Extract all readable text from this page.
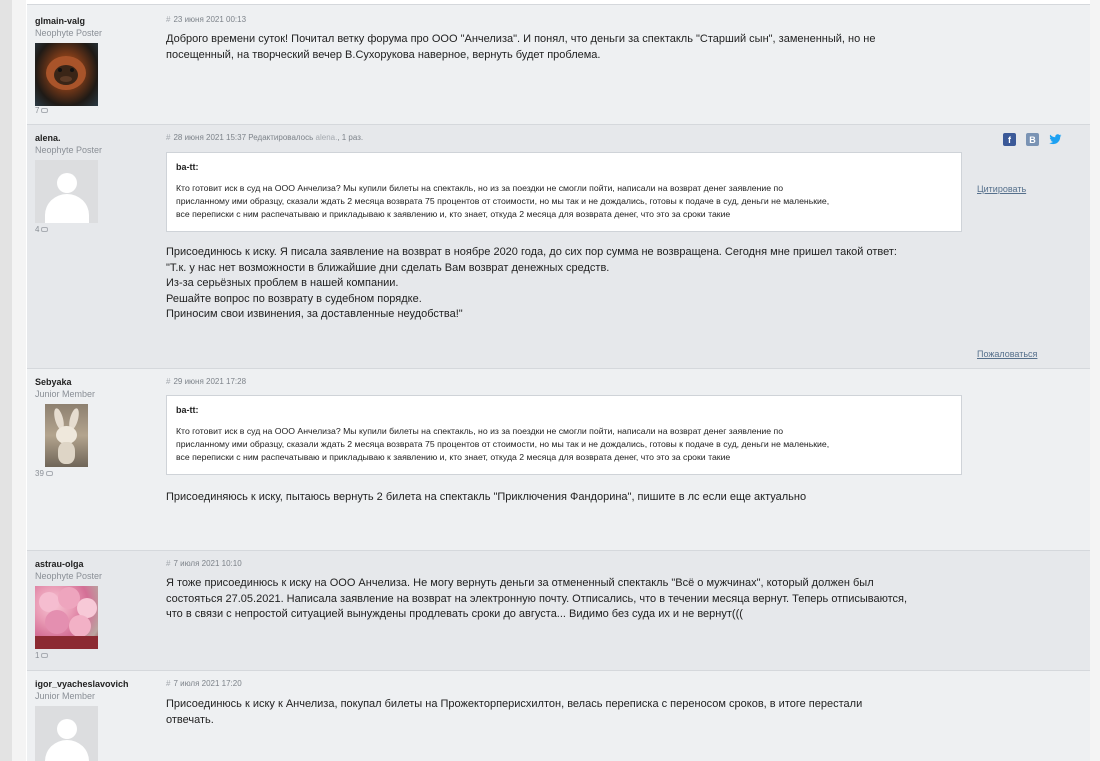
glmain-valg
Neophyte Poster
7
# 23 июня 2021 00:13
Доброго времени суток! Почитал ветку форума про ООО "Анчелиза". И понял, что деньги за спектакль "Старший сын", замененный, но не
посещенный, на творческий вечер В.Сухорукова наверное, вернуть будет проблема.
alena.
Neophyte Poster
4
# 28 июня 2021 15:37 Редактировалось alena., 1 раз.	f	B
ba-tt:
Кто готовит иск в суд на ООО Анчелиза? Мы купили билеты на спектакль, но из за поездки не смогли пойти, написали на возврат денег заявление по
присланному ими образцу, сказали ждать 2 месяца возврата 75 процентов от стоимости, но мы так и не дождались, готовы к подаче в суд, деньги не маленькие,
все переписки с ним распечатываю и прикладываю к заявлению и, кто знает, откуда 2 месяца для возврата денег, что это за сроки такие
Цитировать
Присоединюсь к иску. Я писала заявление на возврат в ноябре 2020 года, до сих пор сумма не возвращена. Сегодня мне пришел такой ответ:
"Т.к. у нас нет возможности в ближайшие дни сделать Вам возврат денежных средств.
Из-за серьёзных проблем в нашей компании.
Решайте вопрос по возврату в судебном порядке.
Приносим свои извинения, за доставленные неудобства!"
Пожаловаться
Sebyaka
Junior Member
39
# 29 июня 2021 17:28
ba-tt:
Кто готовит иск в суд на ООО Анчелиза? Мы купили билеты на спектакль, но из за поездки не смогли пойти, написали на возврат денег заявление по
присланному ими образцу, сказали ждать 2 месяца возврата 75 процентов от стоимости, но мы так и не дождались, готовы к подаче в суд, деньги не маленькие,
все переписки с ним распечатываю и прикладываю к заявлению и, кто знает, откуда 2 месяца для возврата денег, что это за сроки такие
Присоединяюсь к иску, пытаюсь вернуть 2 билета на спектакль "Приключения Фандорина", пишите в лс если еще актуально
astrau-olga
Neophyte Poster
1
# 7 июля 2021 10:10
Я тоже присоединюсь к иску на ООО Анчелиза. Не могу вернуть деньги за отмененный спектакль "Всё о мужчинах", который должен был
состояться 27.05.2021. Написала заявление на возврат на электронную почту. Отписались, что в течении месяца вернут. Теперь отписываются,
что в связи с непростой ситуацией вынуждены продлевать сроки до августа... Видимо без суда их и не вернут(((
igor_vyacheslavovich
Junior Member
# 7 июля 2021 17:20
Присоединюсь к иску к Анчелиза, покупал билеты на Прожекторперисхилтон, велась переписка с переносом сроков, в итоге перестали
отвечать.
